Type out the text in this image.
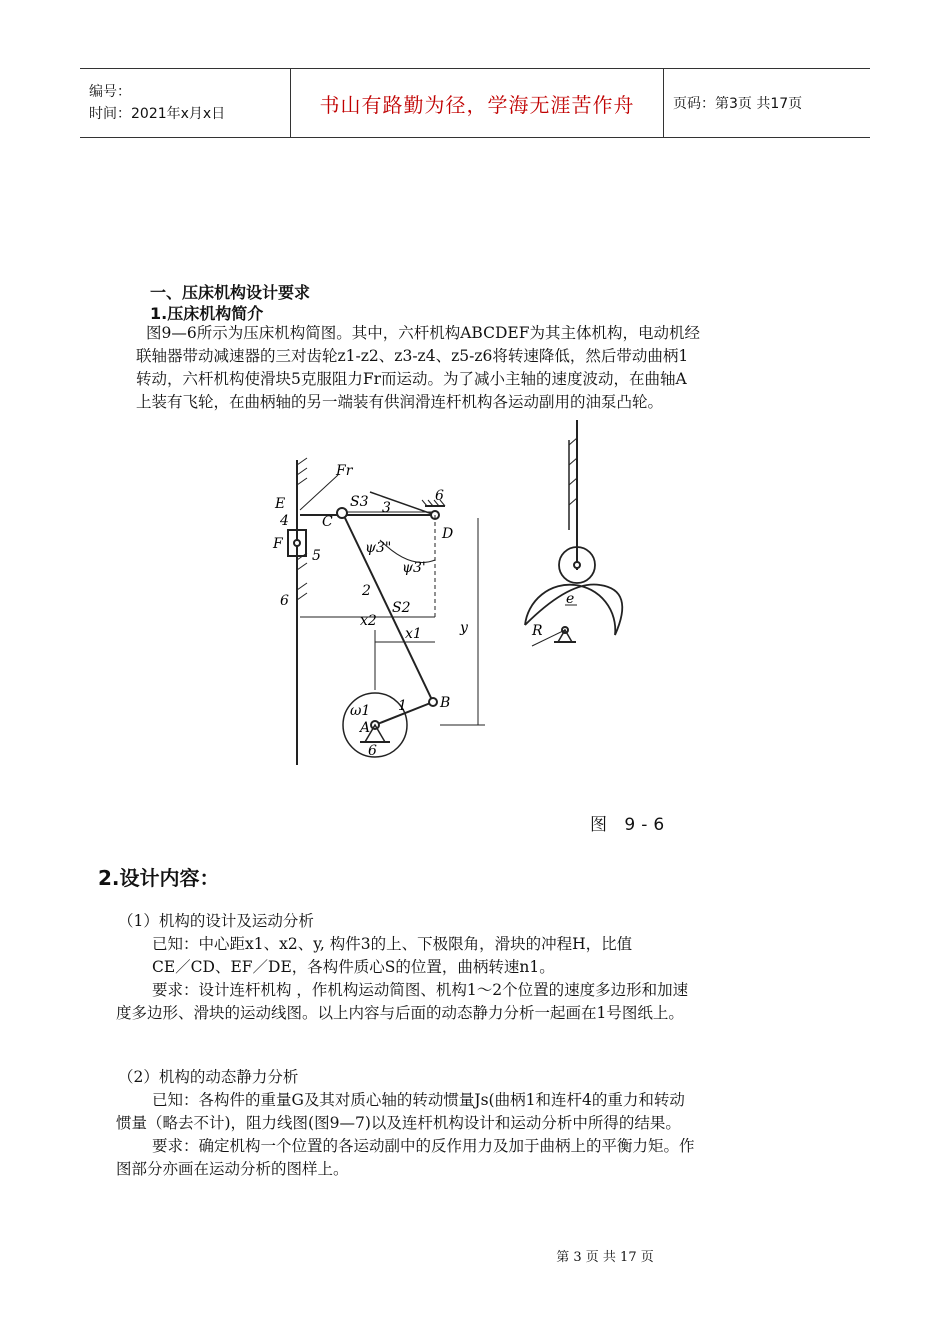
编号：
时间：2021年x月x日	书山有路勤为径，学海无涯苦作舟	页码：第3页 共17页
一、压床机构设计要求
1.压床机构简介
图9—6所示为压床机构简图。其中，六杆机构ABCDEF为其主体机构，电动机经
联轴器带动减速器的三对齿轮z1-z2、z3-z4、z5-z6将转速降低，然后带动曲柄1
转动，六杆机构使滑块5克服阻力Fr而运动。为了减小主轴的速度波动，在曲轴A
上装有飞轮，在曲柄轴的另一端装有供润滑连杆机构各运动副用的油泵凸轮。
Fr
E
4
F
5
6
C
S3 3
6
D
ψ3"
ψ3'
2
S2
x2
x1	y
ω1
A
1 B
6
e
R
图 9-6
2.设计内容：
（1）机构的设计及运动分析
已知：中心距x1、x2、y, 构件3的上、下极限角，滑块的冲程H，比值
CE／CD、EF／DE，各构件质心S的位置，曲柄转速n1。
要求：设计连杆机构 ，作机构运动简图、机构1～2个位置的速度多边形和加速
度多边形、滑块的运动线图。以上内容与后面的动态静力分析一起画在1号图纸上。
（2）机构的动态静力分析
已知：各构件的重量G及其对质心轴的转动惯量Js(曲柄1和连杆4的重力和转动
惯量（略去不计)，阻力线图(图9—7)以及连杆机构设计和运动分析中所得的结果。
要求：确定机构一个位置的各运动副中的反作用力及加于曲柄上的平衡力矩。作
图部分亦画在运动分析的图样上。
第 3 页 共 17 页
